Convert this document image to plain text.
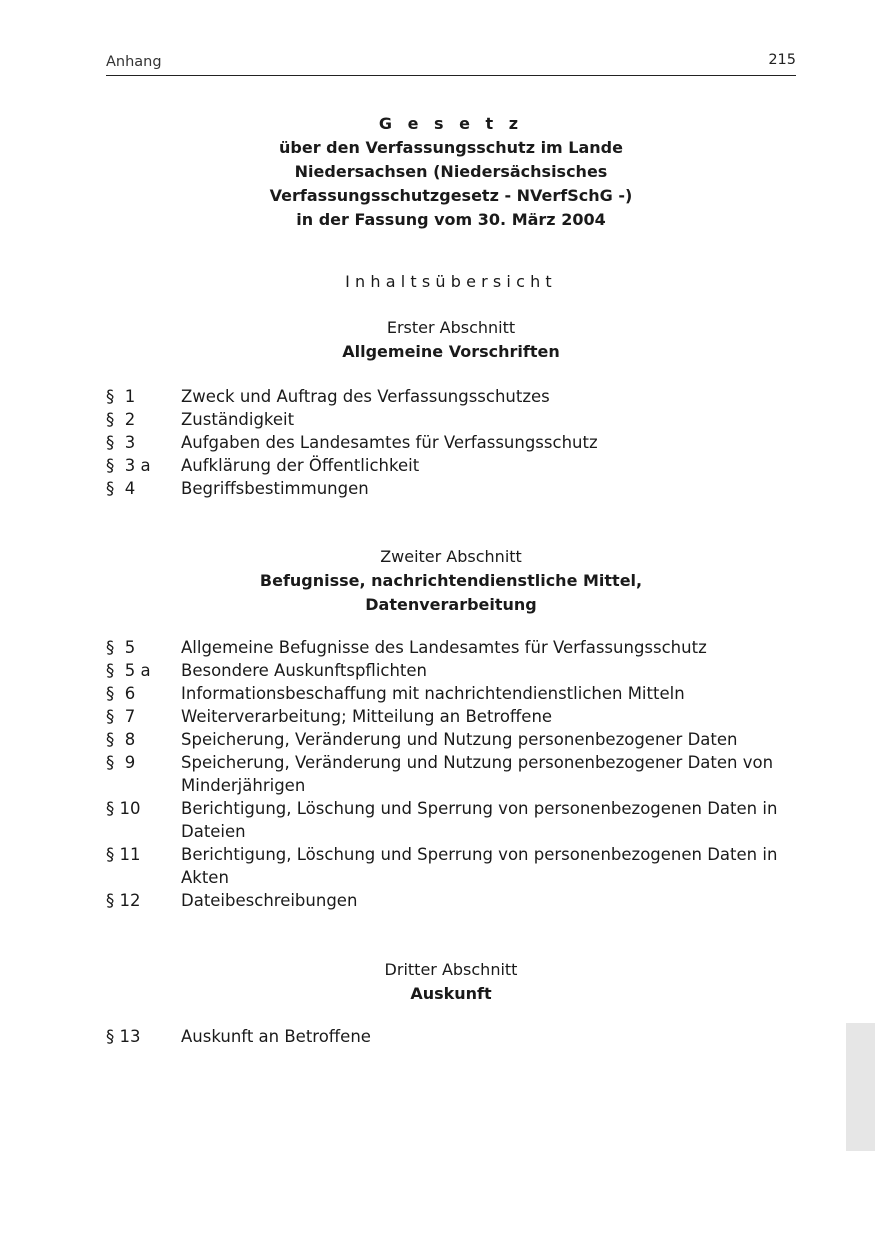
Anhang	215
G e s e t z
über den Verfassungsschutz im Lande
Niedersachsen (Niedersächsisches
Verfassungsschutzgesetz - NVerfSchG -)
in der Fassung vom 30. März 2004
Inhaltsübersicht
Erster Abschnitt
Allgemeine Vorschriften
§  1	Zweck und Auftrag des Verfassungsschutzes
§  2	Zuständigkeit
§  3	Aufgaben des Landesamtes für Verfassungsschutz
§  3 a	Aufklärung der Öffentlichkeit
§  4	Begriffsbestimmungen
Zweiter Abschnitt
Befugnisse, nachrichtendienstliche Mittel,
Datenverarbeitung
§  5	Allgemeine Befugnisse des Landesamtes für Verfassungsschutz
§  5 a	Besondere Auskunftspflichten
§  6	Informationsbeschaffung mit nachrichtendienstlichen Mitteln
§  7	Weiterverarbeitung; Mitteilung an Betroffene
§  8	Speicherung, Veränderung und Nutzung personenbezogener Daten
§  9	Speicherung, Veränderung und Nutzung personenbezogener Daten von Minderjährigen
§ 10	Berichtigung, Löschung und Sperrung von personenbezogenen Daten in Dateien
§ 11	Berichtigung, Löschung und Sperrung von personenbezogenen Daten in Akten
§ 12	Dateibeschreibungen
Dritter Abschnitt
Auskunft
§ 13	Auskunft an Betroffene
